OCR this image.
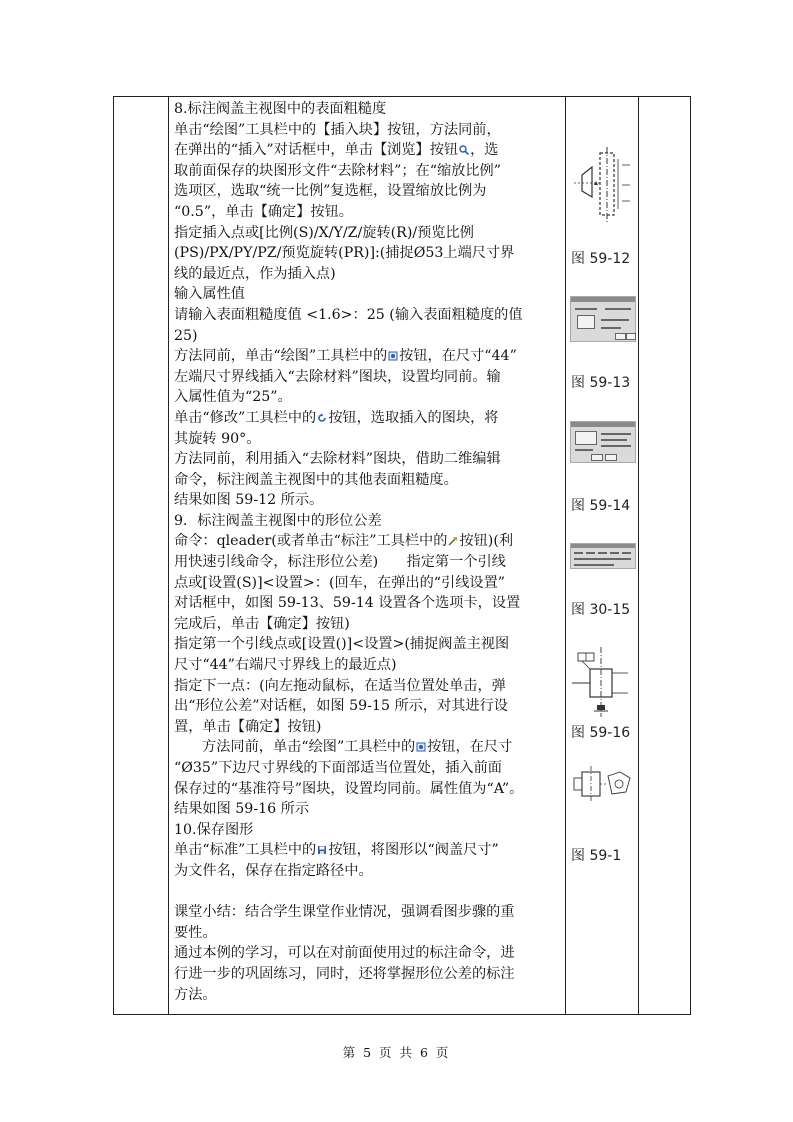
8.标注阀盖主视图中的表面粗糙度

单击“绘图”工具栏中的【插入块】按钮，方法同前，

在弹出的“插入”对话框中，单击【浏览】按钮 ，选

取前面保存的块图形文件“去除材料”；在“缩放比例”

选项区，选取“统一比例”复选框，设置缩放比例为

“0.5”，单击【确定】按钮。

指定插入点或[比例(S)/X/Y/Z/旋转(R)/预览比例

(PS)/PX/PY/PZ/预览旋转(PR)]:(捕捉Ø53上端尺寸界

线的最近点，作为插入点)

输入属性值

请输入表面粗糙度值 <1.6>：25 (输入表面粗糙度的值

25)

方法同前，单击“绘图”工具栏中的 按钮，在尺寸“44”

左端尺寸界线插入“去除材料”图块，设置均同前。输

入属性值为“25”。

单击“修改”工具栏中的 按钮，选取插入的图块，将

其旋转 90°。

方法同前，利用插入“去除材料”图块，借助二维编辑

命令，标注阀盖主视图中的其他表面粗糙度。

结果如图 59-12 所示。

9．标注阀盖主视图中的形位公差

命令：qleader(或者单击“标注”工具栏中的 按钮)(利

用快速引线命令，标注形位公差)　　指定第一个引线

点或[设置(S)]<设置>：(回车，在弹出的“引线设置”

对话框中，如图 59-13、59-14 设置各个选项卡，设置

完成后，单击【确定】按钮)

指定第一个引线点或[设置()]<设置>(捕捉阀盖主视图

尺寸“44”右端尺寸界线上的最近点)

指定下一点：(向左拖动鼠标，在适当位置处单击，弹

出“形位公差”对话框，如图 59-15 所示，对其进行设

置，单击【确定】按钮)

方法同前，单击“绘图”工具栏中的 按钮，在尺寸

“Ø35”下边尺寸界线的下面部适当位置处，插入前面

保存过的“基准符号”图块，设置均同前。属性值为“A”。

结果如图 59-16 所示

10.保存图形

单击“标准”工具栏中的 按钮，将图形以“阀盖尺寸”

为文件名，保存在指定路径中。

课堂小结：结合学生课堂作业情况，强调看图步骤的重

要性。

通过本例的学习，可以在对前面使用过的标注命令，进

行进一步的巩固练习，同时，还将掌握形位公差的标注

方法。

图 59-12
图 59-13
图 59-14
图 30-15
图 59-16
图 59-1

第 5 页 共 6 页
